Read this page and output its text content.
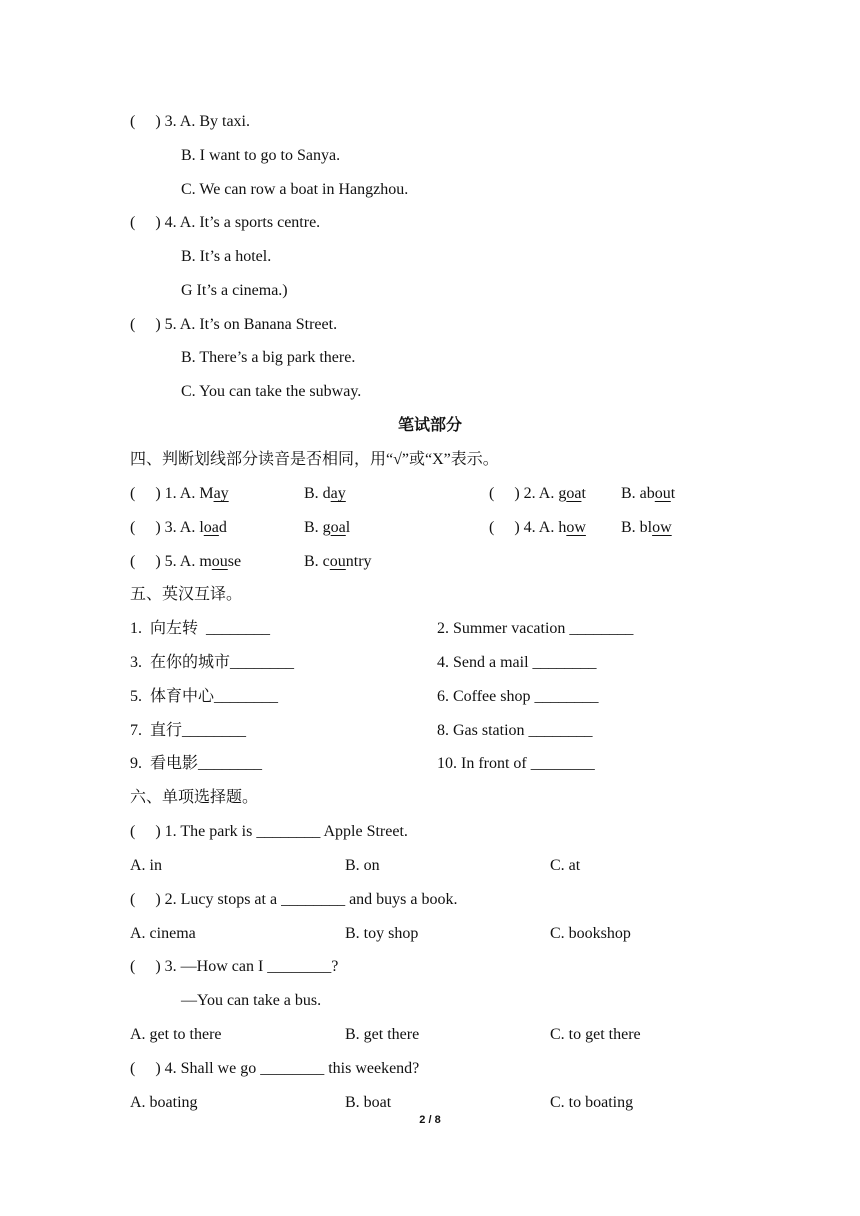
(     ) 3. A. By taxi.
B. I want to go to Sanya.
C. We can row a boat in Hangzhou.
(     ) 4. A. It’s a sports centre.
B. It’s a hotel.
G It’s a cinema.)
(     ) 5. A. It’s on Banana Street.
B. There’s a big park there.
C. You can take the subway.
笔试部分
四、判断划线部分读音是否相同，用“√”或“X”表示。
(     ) 1. A. May	B. day	(     ) 2. A. goat B. about
(     ) 3. A. load	B. goal	(     ) 4. A. how B. blow
(     ) 5. A. mouse	B. country
五、英汉互译。
1.  向左转  ________	2. Summer vacation ________
3.  在你的城市________	4. Send a mail ________
5.  体育中心________	6. Coffee shop ________
7.  直行________	8. Gas station ________
9.  看电影________	10. In front of ________
六、单项选择题。
(     ) 1. The park is ________ Apple Street.
A. in	B. on	C. at
(     ) 2. Lucy stops at a ________ and buys a book.
A. cinema	B. toy shop	C. bookshop
(     ) 3. —How can I ________?
—You can take a bus.
A. get to there	B. get there	C. to get there
(     ) 4. Shall we go ________ this weekend?
A. boating	B. boat	C. to boating
2 / 8
